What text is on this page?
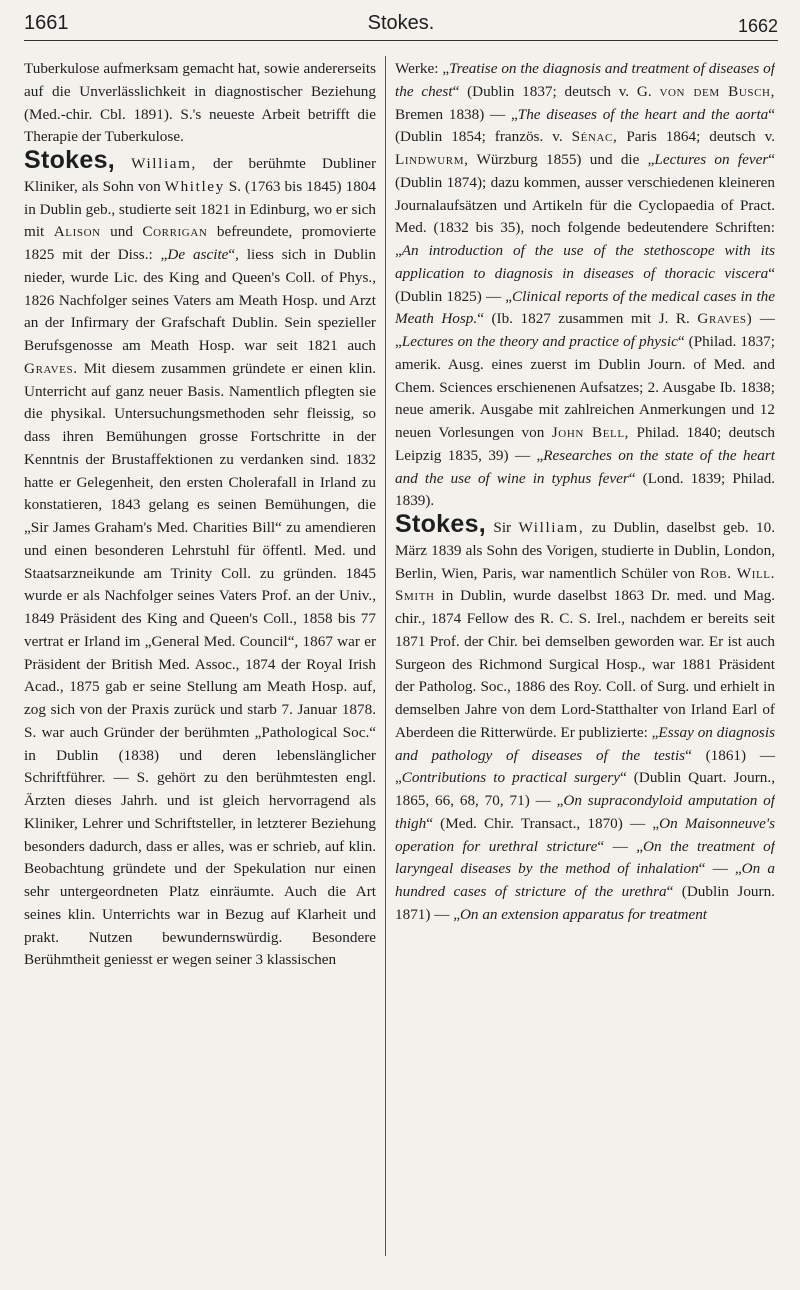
1661	Stokes.	1662

Tuberkulose aufmerksam gemacht hat, sowie andererseits auf die Unverlässlichkeit in diagnostischer Beziehung (Med.-chir. Cbl. 1891). S.'s neueste Arbeit betrifft die Therapie der Tuberkulose.

Stokes, William, der berühmte Dubliner Kliniker, als Sohn von Whitley S. (1763 bis 1845) 1804 in Dublin geb., studierte seit 1821 in Edinburg, wo er sich mit Alison und Corrigan befreundete, promovierte 1825 mit der Diss.: „De ascite“, liess sich in Dublin nieder, wurde Lic. des King and Queen's Coll. of Phys., 1826 Nachfolger seines Vaters am Meath Hosp. und Arzt an der Infirmary der Grafschaft Dublin. Sein spezieller Berufsgenosse am Meath Hosp. war seit 1821 auch Graves. Mit diesem zusammen gründete er einen klin. Unterricht auf ganz neuer Basis. Namentlich pflegten sie die physikal. Untersuchungsmethoden sehr fleissig, so dass ihren Bemühungen grosse Fortschritte in der Kenntnis der Brustaffektionen zu verdanken sind. 1832 hatte er Gelegenheit, den ersten Cholerafall in Irland zu konstatieren, 1843 gelang es seinen Bemühungen, die „Sir James Graham's Med. Charities Bill“ zu amendieren und einen besonderen Lehrstuhl für öffentl. Med. und Staatsarzneikunde am Trinity Coll. zu gründen. 1845 wurde er als Nachfolger seines Vaters Prof. an der Univ., 1849 Präsident des King and Queen's Coll., 1858 bis 77 vertrat er Irland im „General Med. Council“, 1867 war er Präsident der British Med. Assoc., 1874 der Royal Irish Acad., 1875 gab er seine Stellung am Meath Hosp. auf, zog sich von der Praxis zurück und starb 7. Januar 1878. S. war auch Gründer der berühmten „Pathological Soc.“ in Dublin (1838) und deren lebenslänglicher Schriftführer. — S. gehört zu den berühmtesten engl. Ärzten dieses Jahrh. und ist gleich hervorragend als Kliniker, Lehrer und Schriftsteller, in letzterer Beziehung besonders dadurch, dass er alles, was er schrieb, auf klin. Beobachtung gründete und der Spekulation nur einen sehr untergeordneten Platz einräumte. Auch die Art seines klin. Unterrichts war in Bezug auf Klarheit und prakt. Nutzen bewundernswürdig. Besondere Berühmtheit geniesst er wegen seiner 3 klassischen

Werke: „Treatise on the diagnosis and treatment of diseases of the chest“ (Dublin 1837; deutsch v. G. von dem Busch, Bremen 1838) — „The diseases of the heart and the aorta“ (Dublin 1854; französ. v. Sénac, Paris 1864; deutsch v. Lindwurm, Würzburg 1855) und die „Lectures on fever“ (Dublin 1874); dazu kommen, ausser verschiedenen kleineren Journalaufsätzen und Artikeln für die Cyclopaedia of Pract. Med. (1832 bis 35), noch folgende bedeutendere Schriften: „An introduction of the use of the stethoscope with its application to diagnosis in diseases of thoracic viscera“ (Dublin 1825) — „Clinical reports of the medical cases in the Meath Hosp.“ (Ib. 1827 zusammen mit J. R. Graves) — „Lectures on the theory and practice of physic“ (Philad. 1837; amerik. Ausg. eines zuerst im Dublin Journ. of Med. and Chem. Sciences erschienenen Aufsatzes; 2. Ausgabe Ib. 1838; neue amerik. Ausgabe mit zahlreichen Anmerkungen und 12 neuen Vorlesungen von John Bell, Philad. 1840; deutsch Leipzig 1835, 39) — „Researches on the state of the heart and the use of wine in typhus fever“ (Lond. 1839; Philad. 1839).

Stokes, Sir William, zu Dublin, daselbst geb. 10. März 1839 als Sohn des Vorigen, studierte in Dublin, London, Berlin, Wien, Paris, war namentlich Schüler von Rob. Will. Smith in Dublin, wurde daselbst 1863 Dr. med. und Mag. chir., 1874 Fellow des R. C. S. Irel., nachdem er bereits seit 1871 Prof. der Chir. bei demselben geworden war. Er ist auch Surgeon des Richmond Surgical Hosp., war 1881 Präsident der Patholog. Soc., 1886 des Roy. Coll. of Surg. und erhielt in demselben Jahre von dem Lord-Statthalter von Irland Earl of Aberdeen die Ritterwürde. Er publizierte: „Essay on diagnosis and pathology of diseases of the testis“ (1861) — „Contributions to practical surgery“ (Dublin Quart. Journ., 1865, 66, 68, 70, 71) — „On supracondyloid amputation of thigh“ (Med. Chir. Transact., 1870) — „On Maisonneuve's operation for urethral stricture“ — „On the treatment of laryngeal diseases by the method of inhalation“ — „On a hundred cases of stricture of the urethra“ (Dublin Journ. 1871) — „On an extension apparatus for treatment
